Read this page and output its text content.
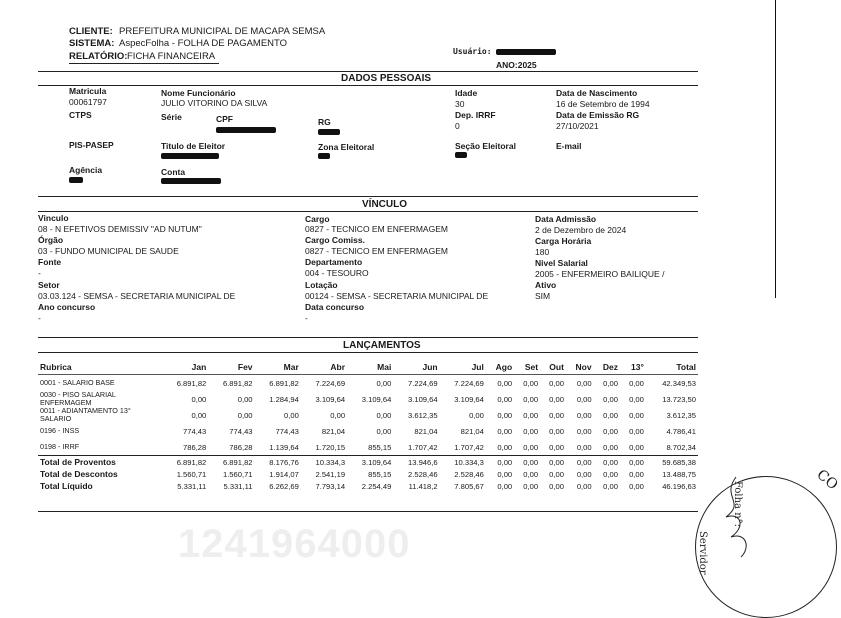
CLIENTE: PREFEITURA MUNICIPAL DE MACAPA SEMSA
SISTEMA: AspecFolha - FOLHA DE PAGAMENTO
RELATÓRIO:FICHA FINANCEIRA	Usuário:
ANO:2025
DADOS PESSOAIS
Matricula
00061797
Nome Funcionário
JULIO VITORINO DA SILVA
Idade
30
Data de Nascimento
16 de Setembro de 1994
CTPS	Série	CPF	RG
Dep. IRRF
0
Data de Emissão RG
27/10/2021
PIS-PASEP	Titulo de Eleitor	Zona Eleitoral	Seção Eleitoral	E-mail
Agência	Conta
VÍNCULO
Vinculo
08 - N EFETIVOS DEMISSIV "AD NUTUM"
Órgão
03 - FUNDO MUNICIPAL DE SAUDE
Fonte
-
Setor
03.03.124 - SEMSA - SECRETARIA MUNICIPAL DE
Ano concurso
-
Cargo
0827 - TECNICO EM ENFERMAGEM
Cargo Comiss.
0827 - TECNICO EM ENFERMAGEM
Departamento
004 - TESOURO
Lotação
00124 - SEMSA - SECRETARIA MUNICIPAL DE
Data concurso
-
Data Admissão
2 de Dezembro de 2024
Carga Horária
180
Nivel Salarial
2005 - ENFERMEIRO BAILIQUE /
Ativo
SIM
LANÇAMENTOS
Rubrica	Jan	Fev	Mar	Abr	Mai	Jun	Jul	Ago	Set	Out	Nov	Dez	13°	Total
0001 - SALARIO BASE	6.891,82	6.891,82	6.891,82	7.224,69	0,00	7.224,69	7.224,69	0,00	0,00	0,00	0,00	0,00	0,00	42.349,53
0030 - PISO SALARIAL ENFERMAGEM	0,00	0,00	1.284,94	3.109,64	3.109,64	3.109,64	3.109,64	0,00	0,00	0,00	0,00	0,00	0,00	13.723,50
0011 - ADIANTAMENTO 13° SALARIO	0,00	0,00	0,00	0,00	0,00	3.612,35	0,00	0,00	0,00	0,00	0,00	0,00	0,00	3.612,35
0196 - INSS	774,43	774,43	774,43	821,04	0,00	821,04	821,04	0,00	0,00	0,00	0,00	0,00	0,00	4.786,41
0198 - IRRF	786,28	786,28	1.139,64	1.720,15	855,15	1.707,42	1.707,42	0,00	0,00	0,00	0,00	0,00	0,00	8.702,34
Total de Proventos	6.891,82	6.891,82	8.176,76	10.334,3	3.109,64	13.946,6	10.334,3	0,00	0,00	0,00	0,00	0,00	0,00	59.685,38
Total de Descontos	1.560,71	1.560,71	1.914,07	2.541,19	855,15	2.528,46	2.528,46	0,00	0,00	0,00	0,00	0,00	0,00	13.488,75
Total Líquido	5.331,11	5.331,11	6.262,69	7.793,14	2.254,49	11.418,2	7.805,67	0,00	0,00	0,00	0,00	0,00	0,00	46.196,63
1241964000	Servidor
Folha n°:
CO
